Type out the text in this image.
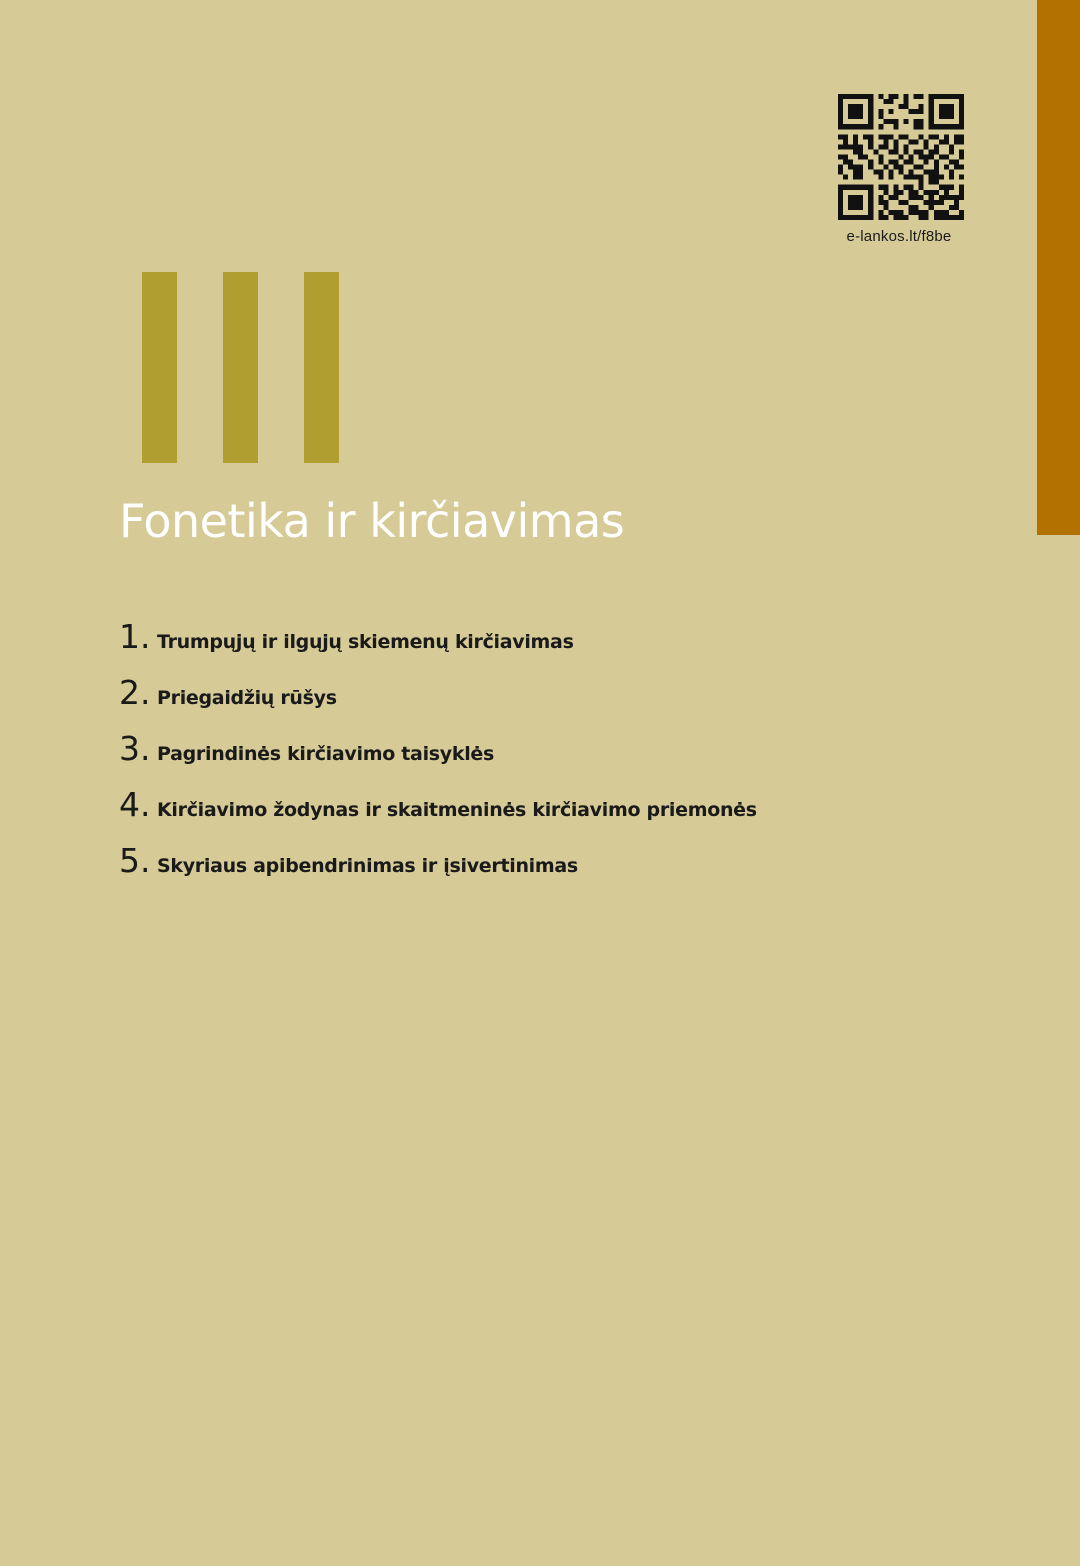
e-lankos.lt/f8be
Fonetika ir kirčiavimas
1. Trumpųjų ir ilgųjų skiemenų kirčiavimas
2. Priegaidžių rūšys
3. Pagrindinės kirčiavimo taisyklės
4. Kirčiavimo žodynas ir skaitmeninės kirčiavimo priemonės
5. Skyriaus apibendrinimas ir įsivertinimas
